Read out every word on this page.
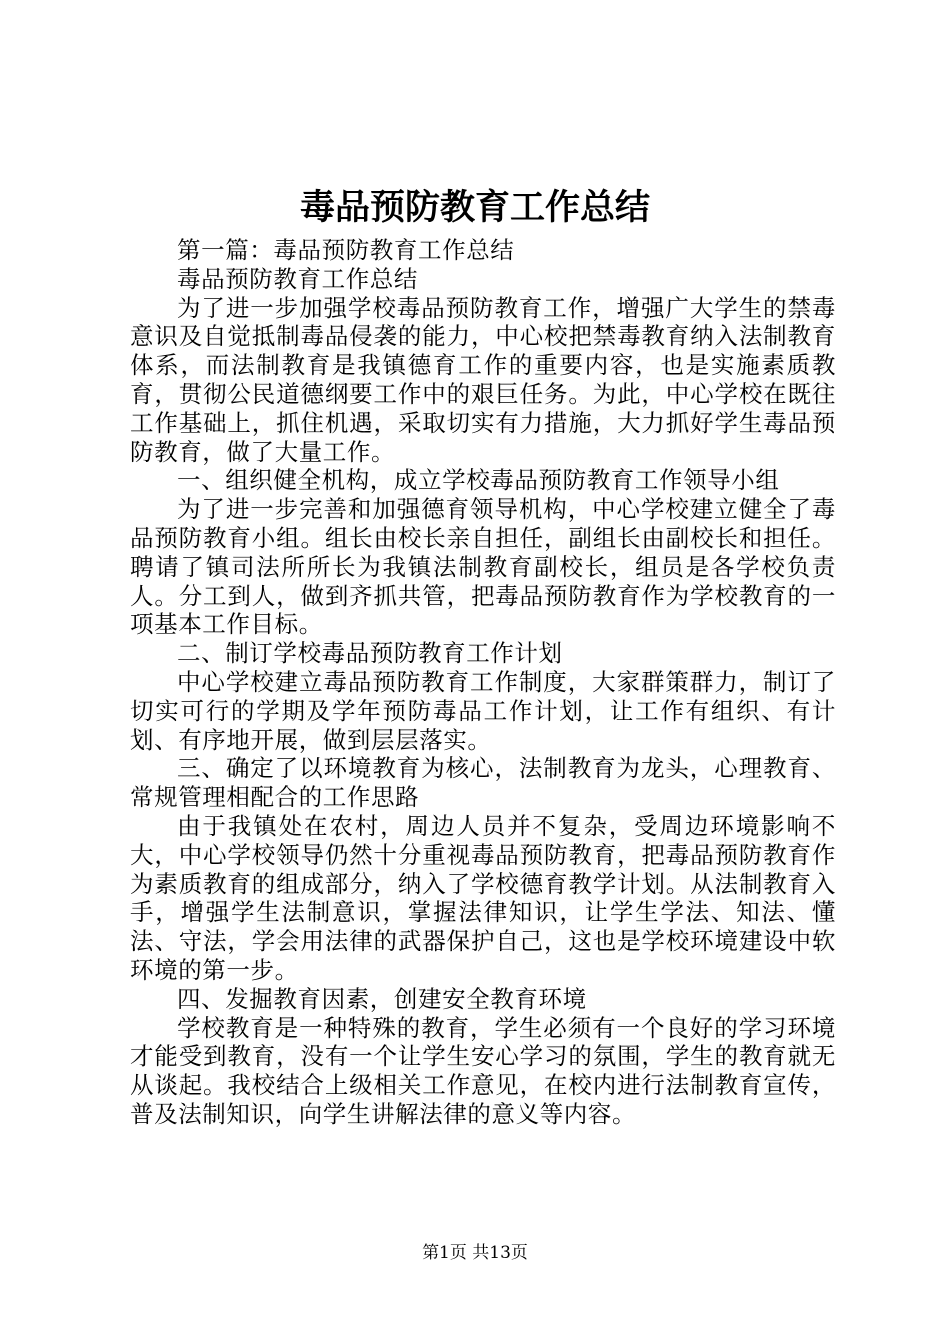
毒品预防教育工作总结

第一篇：毒品预防教育工作总结

毒品预防教育工作总结

为了进一步加强学校毒品预防教育工作，增强广大学生的禁毒意识及自觉抵制毒品侵袭的能力，中心校把禁毒教育纳入法制教育体系，而法制教育是我镇德育工作的重要内容，也是实施素质教育，贯彻公民道德纲要工作中的艰巨任务。为此，中心学校在既往工作基础上，抓住机遇，采取切实有力措施，大力抓好学生毒品预防教育，做了大量工作。

一、组织健全机构，成立学校毒品预防教育工作领导小组

为了进一步完善和加强德育领导机构，中心学校建立健全了毒品预防教育小组。组长由校长亲自担任，副组长由副校长和担任。聘请了镇司法所所长为我镇法制教育副校长，组员是各学校负责人。分工到人，做到齐抓共管，把毒品预防教育作为学校教育的一项基本工作目标。

二、制订学校毒品预防教育工作计划

中心学校建立毒品预防教育工作制度，大家群策群力，制订了切实可行的学期及学年预防毒品工作计划，让工作有组织、有计划、有序地开展，做到层层落实。

三、确定了以环境教育为核心，法制教育为龙头，心理教育、常规管理相配合的工作思路

由于我镇处在农村，周边人员并不复杂，受周边环境影响不大，中心学校领导仍然十分重视毒品预防教育，把毒品预防教育作为素质教育的组成部分，纳入了学校德育教学计划。从法制教育入手，增强学生法制意识，掌握法律知识，让学生学法、知法、懂法、守法，学会用法律的武器保护自己，这也是学校环境建设中软环境的第一步。

四、发掘教育因素，创建安全教育环境

学校教育是一种特殊的教育，学生必须有一个良好的学习环境才能受到教育，没有一个让学生安心学习的氛围，学生的教育就无从谈起。我校结合上级相关工作意见，在校内进行法制教育宣传，普及法制知识，向学生讲解法律的意义等内容。

第1页 共13页
